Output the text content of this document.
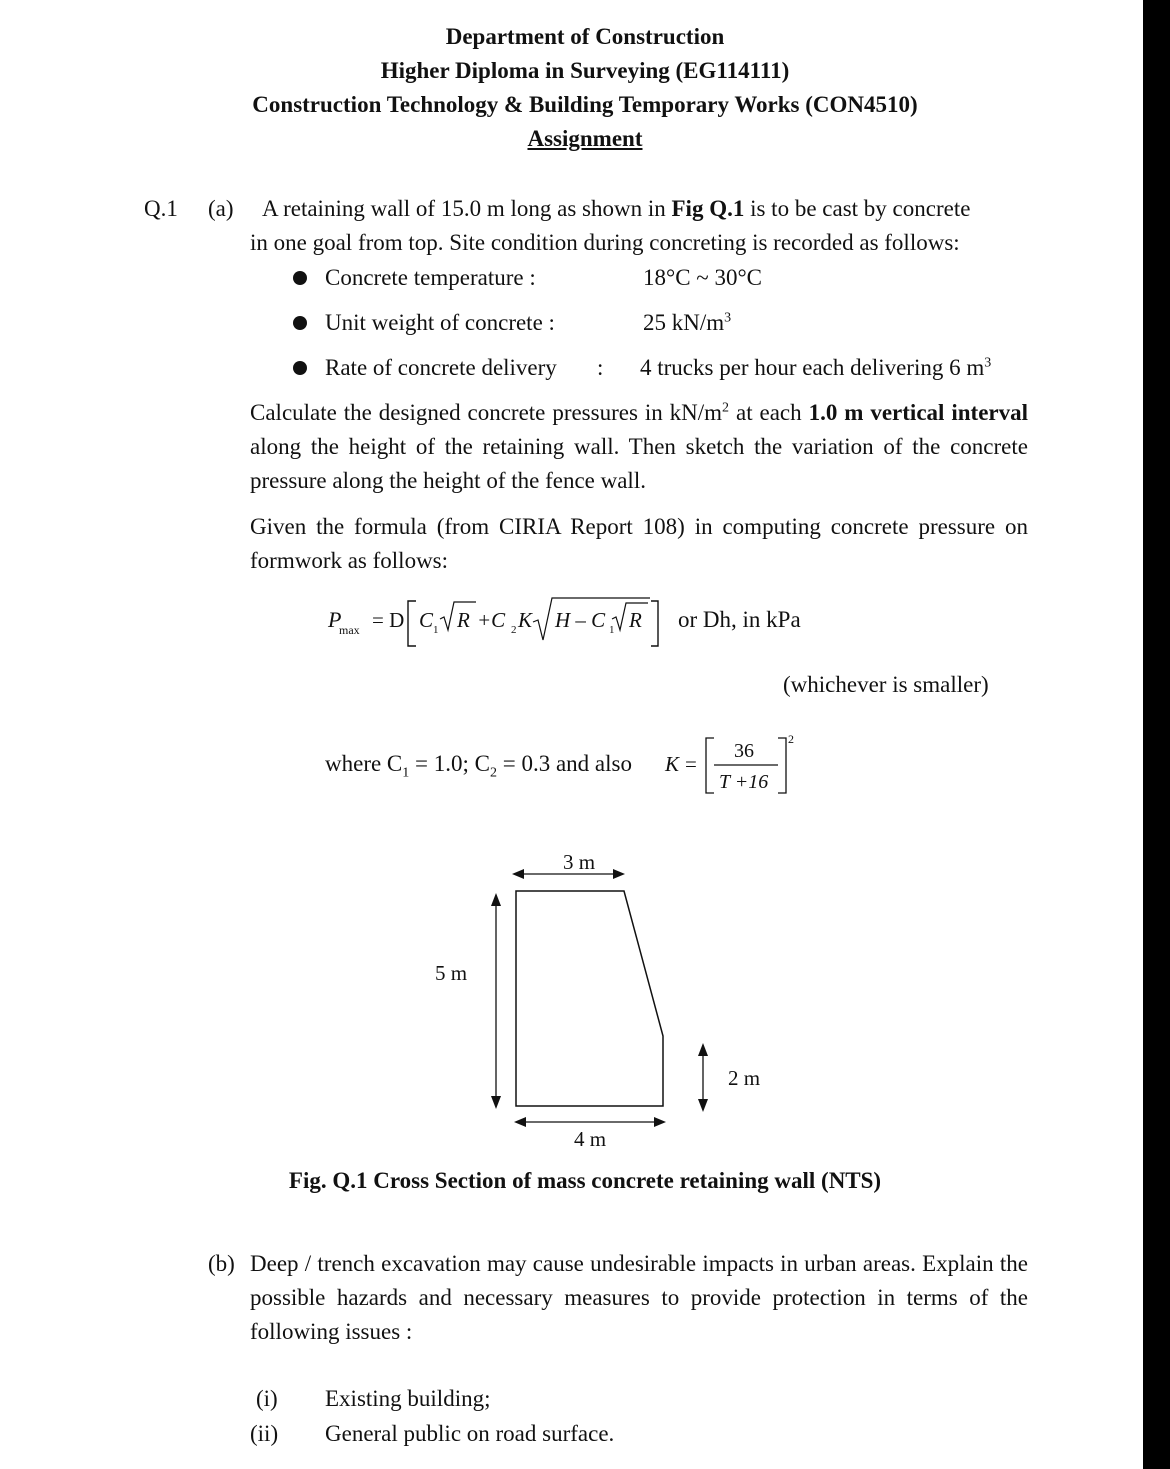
Department of Construction
Higher Diploma in Surveying (EG114111)
Construction Technology & Building Temporary Works (CON4510)
Assignment
Q.1 (a) A retaining wall of 15.0 m long as shown in Fig Q.1 is to be cast by concrete
in one goal from top. Site condition during concreting is recorded as follows:
Concrete temperature :	18°C ~ 30°C
Unit weight of concrete :	25 $kN/m^3$
Rate of concrete delivery : 4 trucks per hour each delivering 6 $m^3$
Calculate the designed concrete pressures in $kN/m^2$ at each 1.0 m vertical interval along the height of the retaining wall. Then sketch the variation of the concrete pressure along the height of the fence wall.
Given the formula (from CIRIA Report 108) in computing concrete pressure on formwork as follows:
P
max = D C 1 R +C 2 K H – C 1 R or Dh, in kPa
(whichever is smaller)
where $C_1 = 1.0$; $C_2 = 0.3$ and also K =
36
T +16
2
3 m
5 m
2 m
4 m
Fig. Q.1 Cross Section of mass concrete retaining wall (NTS)
(b) Deep / trench excavation may cause undesirable impacts in urban areas. Explain the possible hazards and necessary measures to provide protection in terms of the following issues :
(i) Existing building;
(ii) General public on road surface.
